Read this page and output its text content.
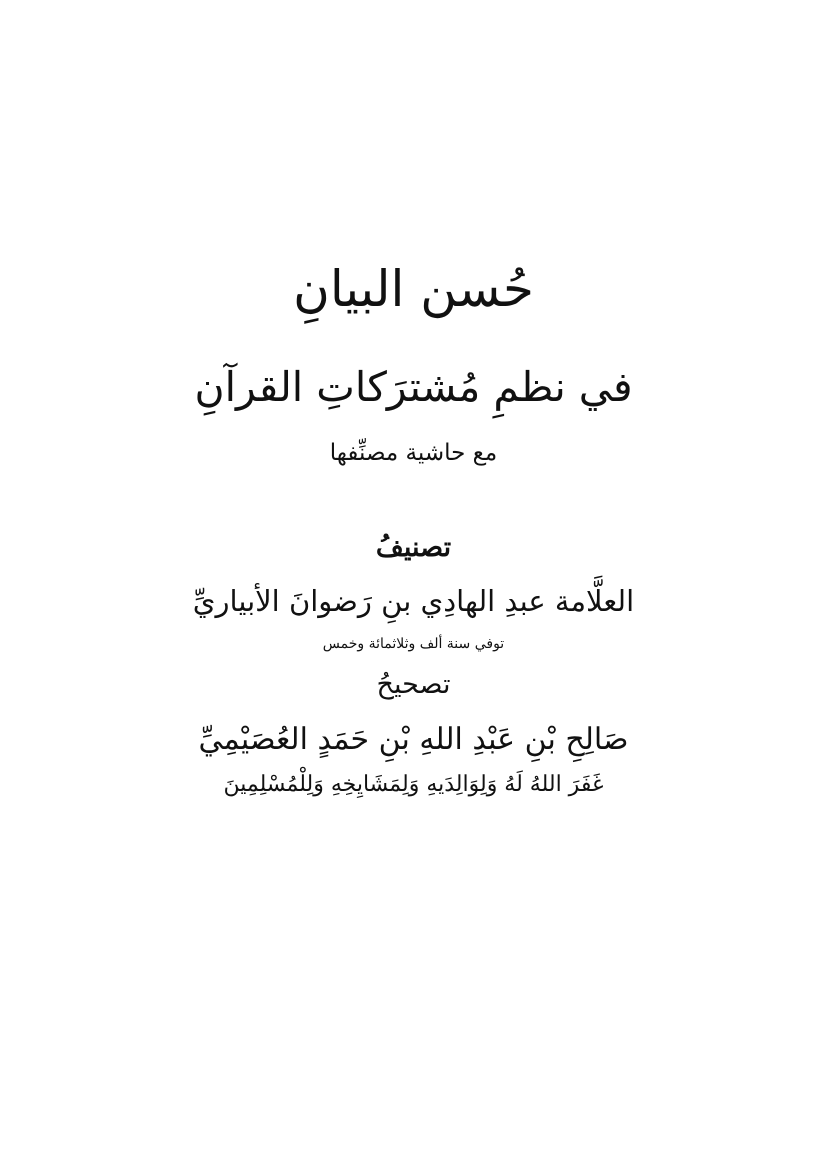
حُسن البيانِ
في نظمِ مُشترَكاتِ القرآنِ
مع حاشية مصنِّفها
تصنيفُ
العلَّامة عبدِ الهادِي بنِ رَضوانَ الأبياريِّ
توفي سنة ألف وثلاثمائة وخمس
تصحيحُ
صَالِحِ بْنِ عَبْدِ اللهِ بْنِ حَمَدٍ العُصَيْمِيِّ
غَفَرَ اللهُ لَهُ وَلِوَالِدَيهِ وَلِمَشَايِخِهِ وَلِلْمُسْلِمِينَ
